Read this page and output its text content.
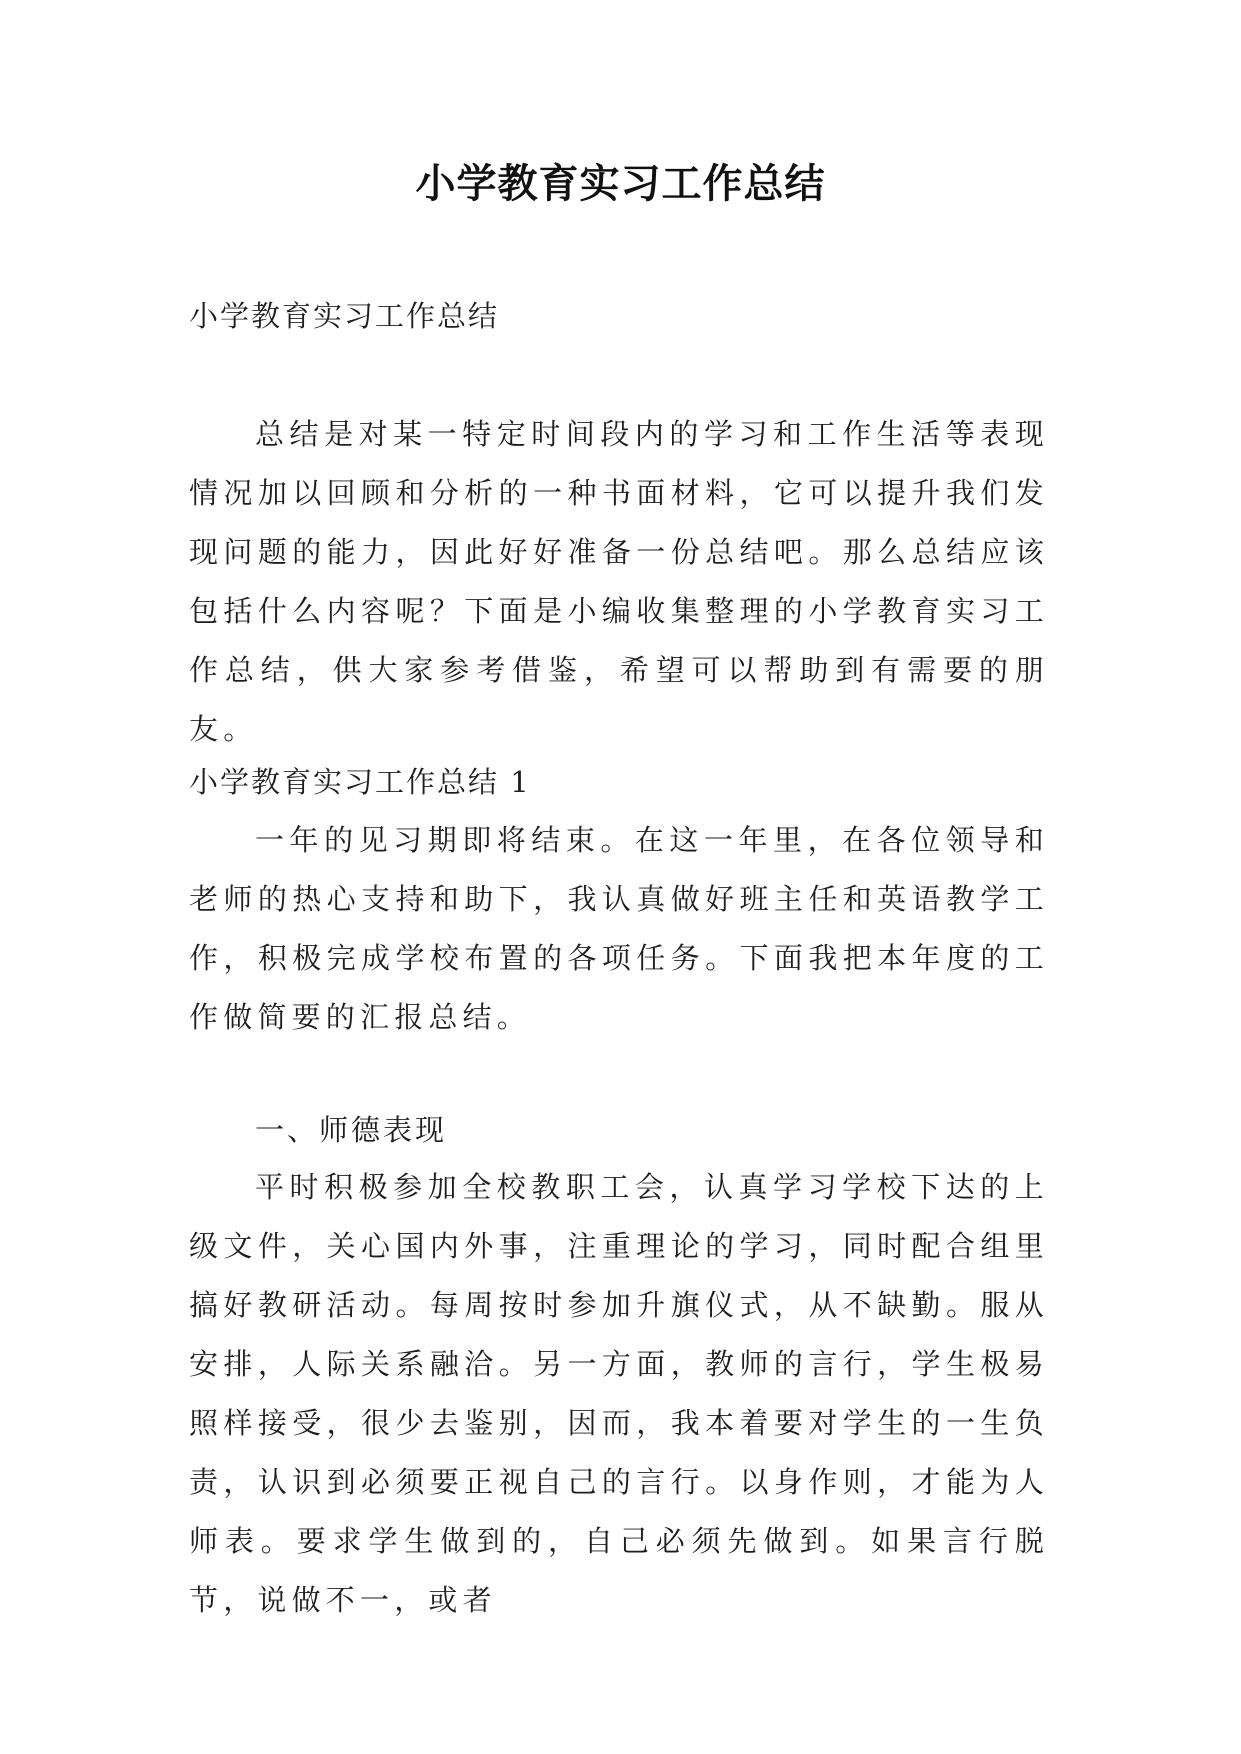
小学教育实习工作总结
小学教育实习工作总结

总结是对某一特定时间段内的学习和工作生活等表现情况加以回顾和分析的一种书面材料，它可以提升我们发现问题的能力，因此好好准备一份总结吧。那么总结应该包括什么内容呢？下面是小编收集整理的小学教育实习工作总结，供大家参考借鉴，希望可以帮助到有需要的朋友。

小学教育实习工作总结 1

一年的见习期即将结束。在这一年里，在各位领导和老师的热心支持和助下，我认真做好班主任和英语教学工作，积极完成学校布置的各项任务。下面我把本年度的工作做简要的汇报总结。

一、师德表现

平时积极参加全校教职工会，认真学习学校下达的上级文件，关心国内外事，注重理论的学习，同时配合组里搞好教研活动。每周按时参加升旗仪式，从不缺勤。服从安排，人际关系融洽。另一方面，教师的言行，学生极易照样接受，很少去鉴别，因而，我本着要对学生的一生负责，认识到必须要正视自己的言行。以身作则，才能为人师表。要求学生做到的，自己必须先做到。如果言行脱节，说做不一，或者
